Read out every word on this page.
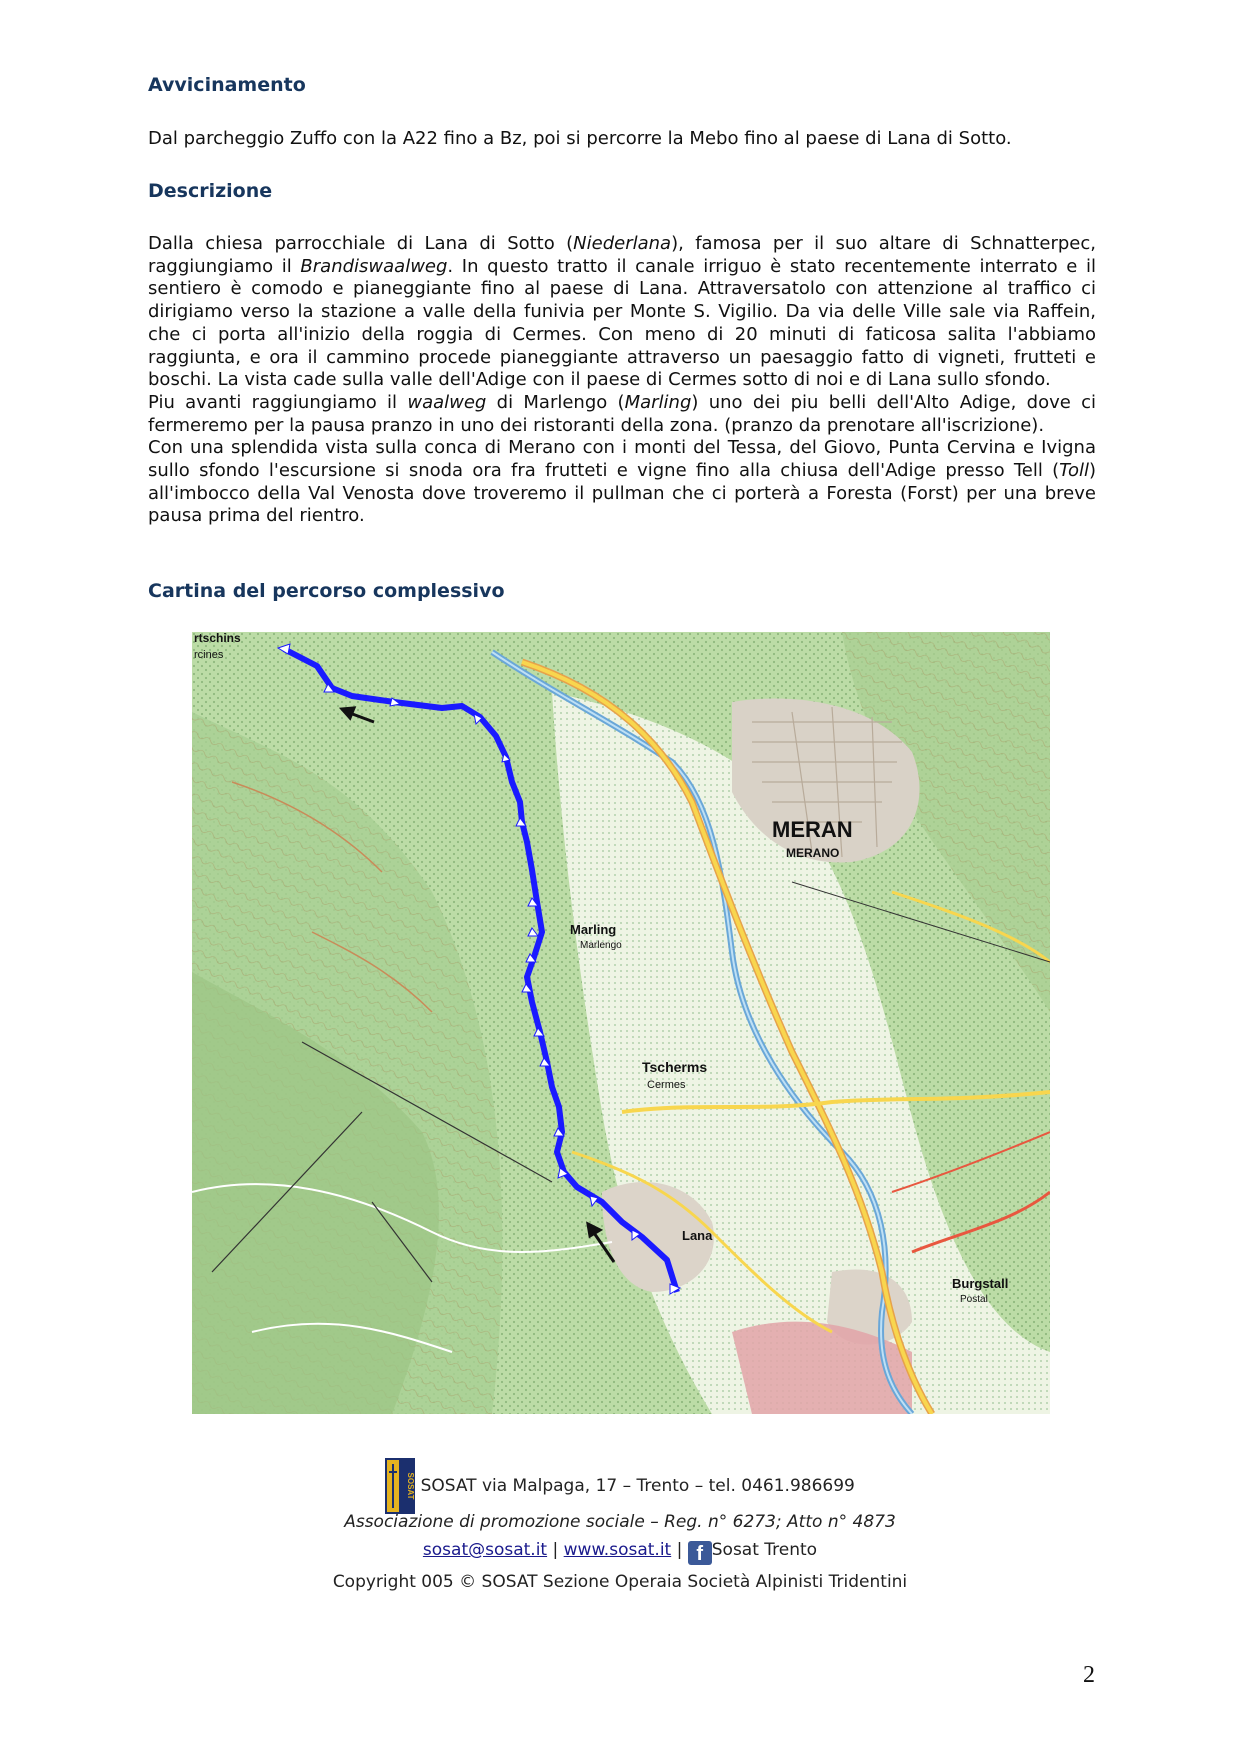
Avvicinamento

Dal parcheggio Zuffo con la A22 fino a Bz, poi si percorre la Mebo fino al paese di Lana di Sotto.

Descrizione

Dalla chiesa parrocchiale di Lana di Sotto (Niederlana), famosa per il suo altare di Schnatterpec, raggiungiamo il Brandiswaalweg. In questo tratto il canale irriguo è stato recentemente interrato e il sentiero è comodo e pianeggiante fino al paese di Lana. Attraversatolo con attenzione al traffico ci dirigiamo verso la stazione a valle della funivia per Monte S. Vigilio. Da via delle Ville sale via Raffein, che ci porta all'inizio della roggia di Cermes. Con meno di 20 minuti di faticosa salita l'abbiamo raggiunta, e ora il cammino procede pianeggiante attraverso un paesaggio fatto di vigneti, frutteti e boschi. La vista cade sulla valle dell'Adige con il paese di Cermes sotto di noi e di Lana sullo sfondo.

Piu avanti raggiungiamo il waalweg di Marlengo (Marling) uno dei piu belli dell'Alto Adige, dove ci fermeremo per la pausa pranzo in uno dei ristoranti della zona. (pranzo da prenotare all'iscrizione).

Con una splendida vista sulla conca di Merano con i monti del Tessa, del Giovo, Punta Cervina e Ivigna sullo sfondo l'escursione si snoda ora fra frutteti e vigne fino alla chiusa dell'Adige presso Tell (Toll) all'imbocco della Val Venosta dove troveremo il pullman che ci porterà a Foresta (Forst) per una breve pausa prima del rientro.

Cartina del percorso complessivo
rtschins
rcines
MERAN
MERANO
Marling
Marlengo
Tscherms
Cermes
Lana
Burgstall
Postal
SOSAT SOSAT via Malpaga, 17 – Trento – tel. 0461.986699
Associazione di promozione sociale – Reg. n° 6273; Atto n° 4873
sosat@sosat.it | www.sosat.it | f Sosat Trento
Copyright 005 © SOSAT Sezione Operaia Società Alpinisti Tridentini
2
